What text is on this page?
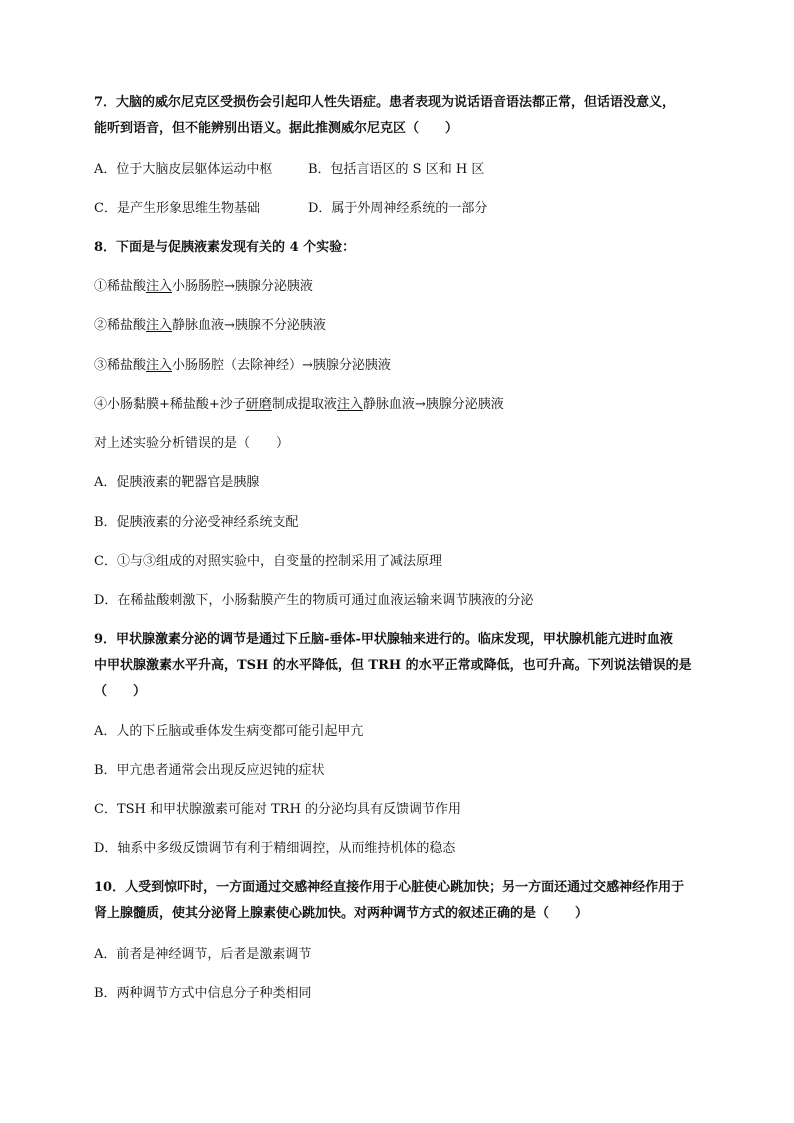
7．大脑的威尔尼克区受损伤会引起印人性失语症。患者表现为说话语音语法都正常，但话语没意义，
能听到语音，但不能辨别出语义。据此推测威尔尼克区（　　）
A．位于大脑皮层躯体运动中枢	B．包括言语区的 S 区和 H 区
C．是产生形象思维生物基础	D．属于外周神经系统的一部分
8．下面是与促胰液素发现有关的 4 个实验：
①稀盐酸注入小肠肠腔→胰腺分泌胰液
②稀盐酸注入静脉血液→胰腺不分泌胰液
③稀盐酸注入小肠肠腔（去除神经）→胰腺分泌胰液
④小肠黏膜+稀盐酸+沙子研磨制成提取液注入静脉血液→胰腺分泌胰液
对上述实验分析错误的是（　　）
A．促胰液素的靶器官是胰腺
B．促胰液素的分泌受神经系统支配
C．①与③组成的对照实验中，自变量的控制采用了减法原理
D．在稀盐酸刺激下，小肠黏膜产生的物质可通过血液运输来调节胰液的分泌
9．甲状腺激素分泌的调节是通过下丘脑-垂体-甲状腺轴来进行的。临床发现，甲状腺机能亢进时血液
中甲状腺激素水平升高，TSH 的水平降低，但 TRH 的水平正常或降低，也可升高。下列说法错误的是
（　　）
A．人的下丘脑或垂体发生病变都可能引起甲亢
B．甲亢患者通常会出现反应迟钝的症状
C．TSH 和甲状腺激素可能对 TRH 的分泌均具有反馈调节作用
D．轴系中多级反馈调节有利于精细调控，从而维持机体的稳态
10．人受到惊吓时，一方面通过交感神经直接作用于心脏使心跳加快；另一方面还通过交感神经作用于
肾上腺髓质，使其分泌肾上腺素使心跳加快。对两种调节方式的叙述正确的是（　　）
A．前者是神经调节，后者是激素调节
B．两种调节方式中信息分子种类相同
